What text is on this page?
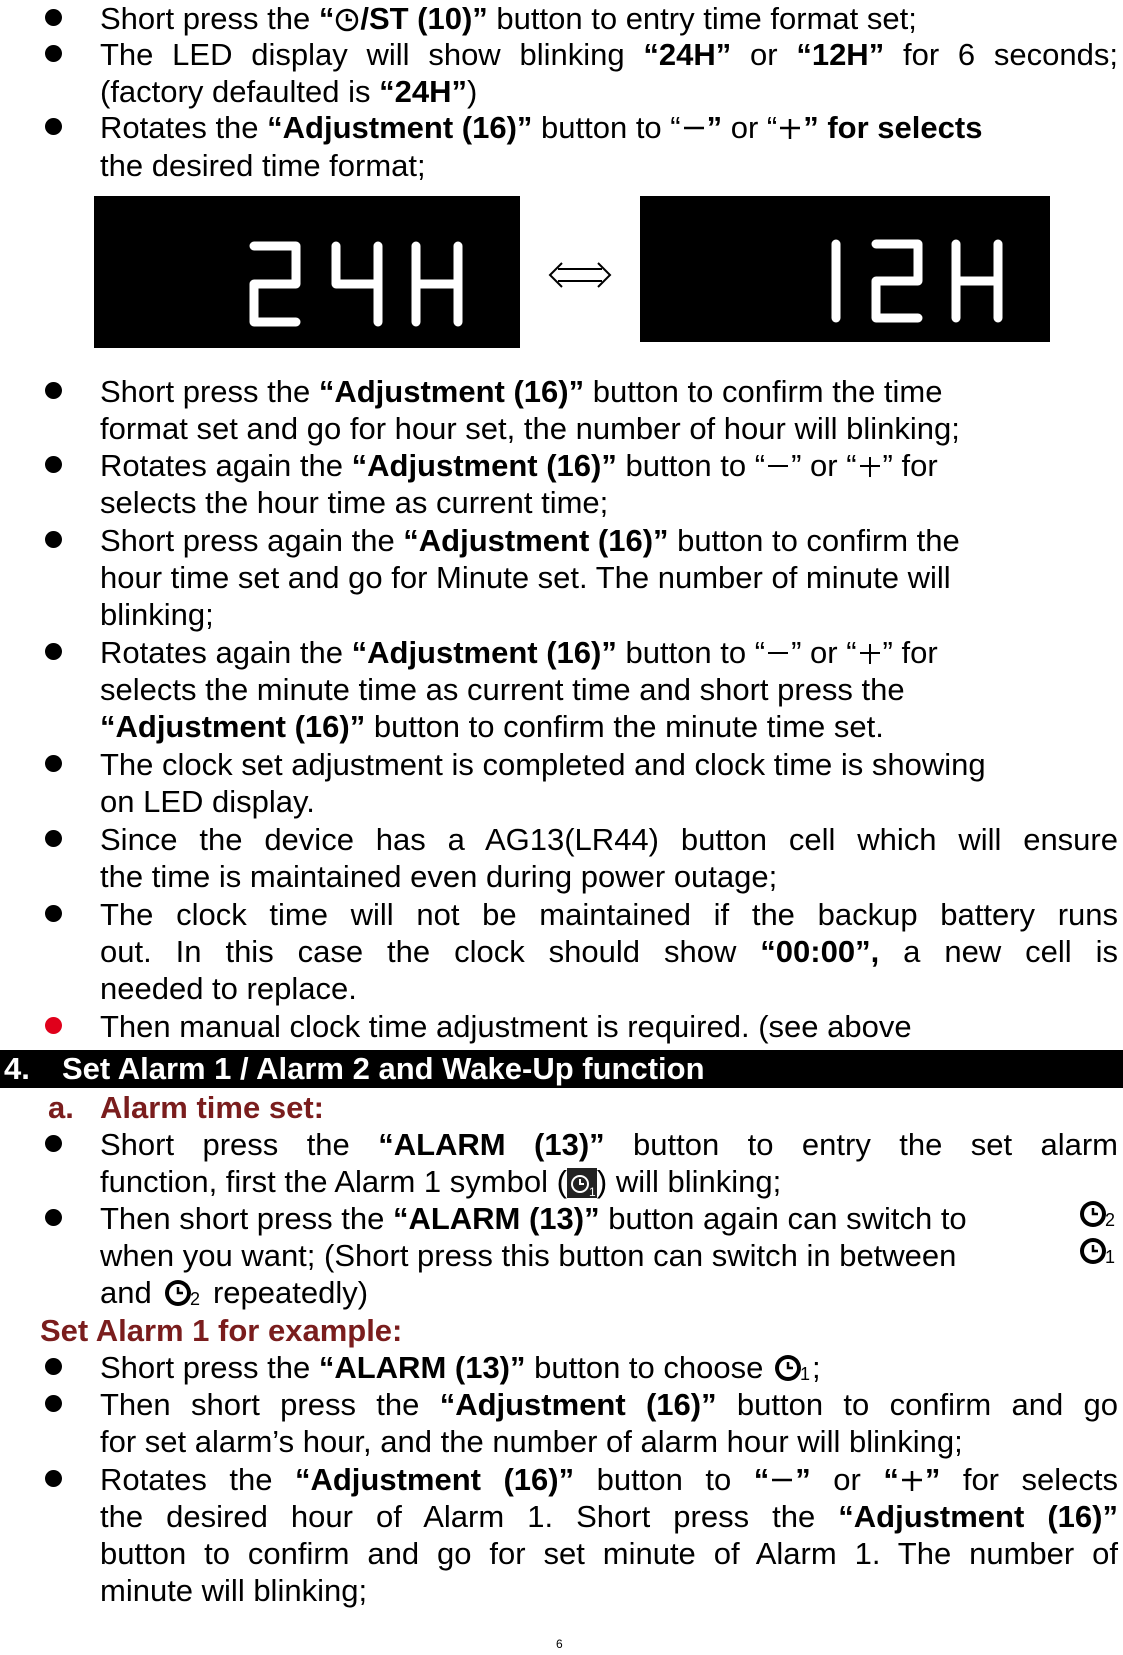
Short press the “ /ST (10)” button to entry time format set;
The LED display will show blinking “24H” or “12H” for 6 seconds;
(factory defaulted is “24H”)
Rotates the “Adjustment (16)” button to “ ” or “ ” for selects
the desired time format;
Short press the “Adjustment (16)” button to confirm the time
format set and go for hour set, the number of hour will blinking;
Rotates again the “Adjustment (16)” button to “ ” or “ ” for
selects the hour time as current time;
Short press again the “Adjustment (16)” button to confirm the
hour time set and go for Minute set. The number of minute will
blinking;
Rotates again the “Adjustment (16)” button to “ ” or “ ” for
selects the minute time as current time and short press the
“Adjustment (16)” button to confirm the minute time set.
The clock set adjustment is completed and clock time is showing
on LED display.
Since the device has a AG13(LR44) button cell which will ensure
the time is maintained even during power outage;
The clock time will not be maintained if the backup battery runs
out. In this case the clock should show “00:00”, a new cell is
needed to replace.
Then manual clock time adjustment is required. (see above
4. Set Alarm 1 / Alarm 2 and Wake-Up function
a. Alarm time set:
Short press the “ALARM (13)” button to entry the set alarm
function, first the Alarm 1 symbol ( 1 ) will blinking;
Then short press the “ALARM (13)” button again can switch to	2
when you want; (Short press this button can switch in between	1
and 2 repeatedly)
Set Alarm 1 for example:
Short press the “ALARM (13)” button to choose 1 ;
Then short press the “Adjustment (16)” button to confirm and go
for set alarm’s hour, and the number of alarm hour will blinking;
Rotates the “Adjustment (16)” button to “ ” or “ ” for selects
the desired hour of Alarm 1. Short press the “Adjustment (16)”
button to confirm and go for set minute of Alarm 1. The number of
minute will blinking;
6
